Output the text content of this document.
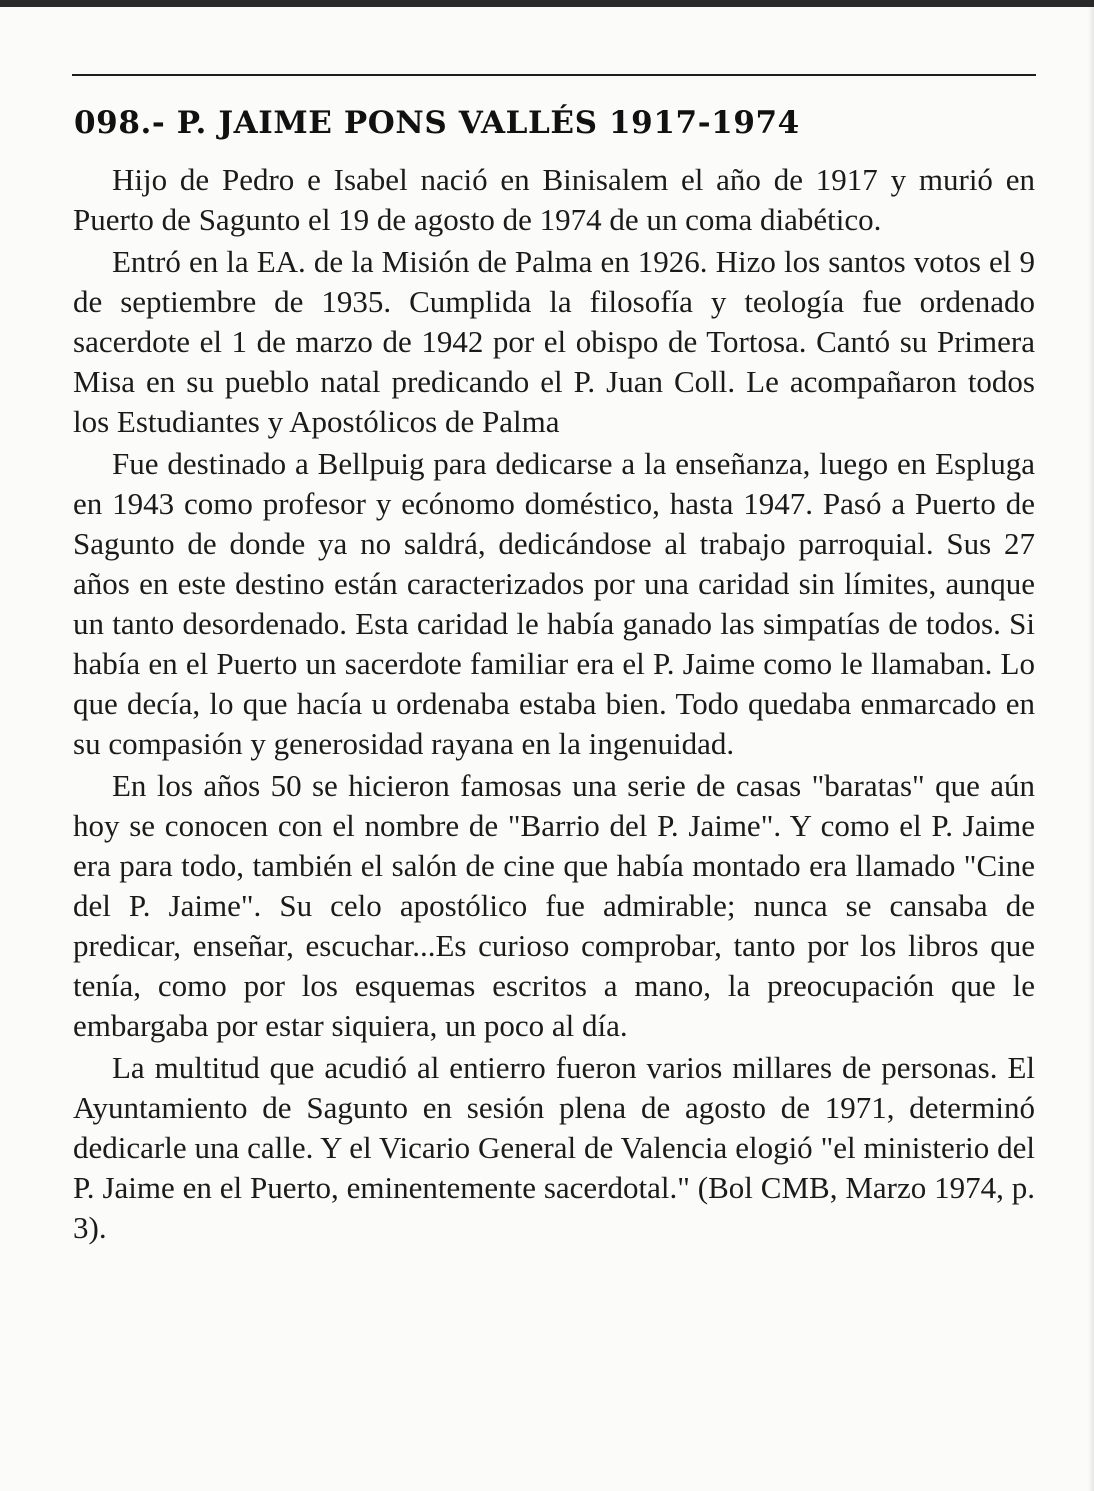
098.- P. JAIME PONS VALLÉS 1917-1974

Hijo de Pedro e Isabel nació en Binisalem el año de 1917 y murió en Puerto de Sagunto el 19 de agosto de 1974 de un coma diabético.

Entró en la EA. de la Misión de Palma en 1926. Hizo los santos votos el 9 de septiembre de 1935. Cumplida la filosofía y teología fue ordenado sacerdote el 1 de marzo de 1942 por el obispo de Tortosa. Cantó su Primera Misa en su pueblo natal predicando el P. Juan Coll. Le acompañaron todos los Estudiantes y Apostólicos de Palma

Fue destinado a Bellpuig para dedicarse a la enseñanza, luego en Espluga en 1943 como profesor y ecónomo doméstico, hasta 1947. Pasó a Puerto de Sagunto de donde ya no saldrá, dedicándose al trabajo parroquial. Sus 27 años en este destino están caracterizados por una caridad sin límites, aunque un tanto desordenado. Esta caridad le había ganado las simpatías de todos. Si había en el Puerto un sacerdote familiar era el P. Jaime como le llamaban. Lo que decía, lo que hacía u ordenaba estaba bien. Todo quedaba enmarcado en su compasión y generosidad rayana en la ingenuidad.

En los años 50 se hicieron famosas una serie de casas "baratas" que aún hoy se conocen con el nombre de "Barrio del P. Jaime". Y como el P. Jaime era para todo, también el salón de cine que había montado era llamado "Cine del P. Jaime". Su celo apostólico fue admirable; nunca se cansaba de predicar, enseñar, escuchar...Es curioso comprobar, tanto por los libros que tenía, como por los esquemas escritos a mano, la preocupación que le embargaba por estar siquiera, un poco al día.

La multitud que acudió al entierro fueron varios millares de personas. El Ayuntamiento de Sagunto en sesión plena de agosto de 1971, determinó dedicarle una calle. Y el Vicario General de Valencia elogió "el ministerio del P. Jaime en el Puerto, eminentemente sacerdotal." (Bol CMB, Marzo 1974, p. 3).
